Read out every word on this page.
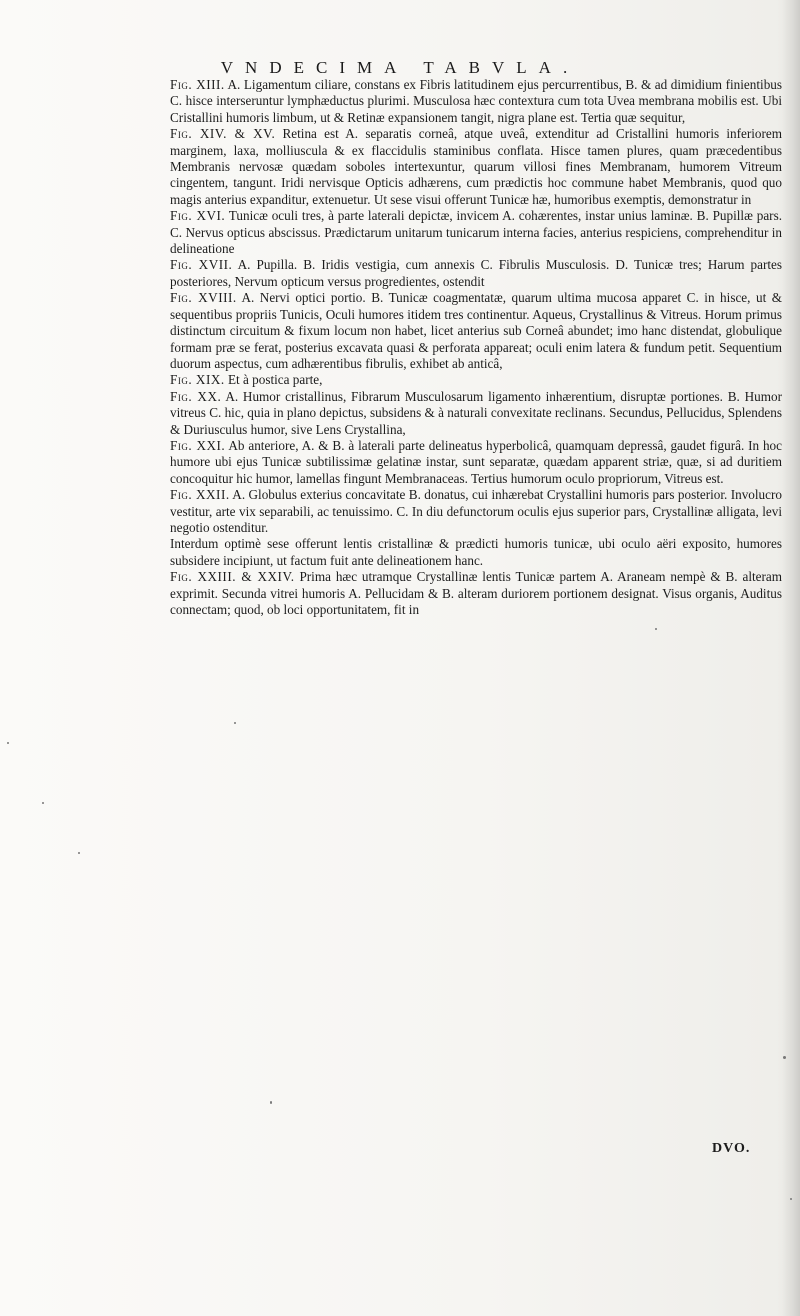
VNDECIMA TABVLA.

Fig. XIII. A. Ligamentum ciliare, constans ex Fibris latitudinem ejus percurrentibus, B. & ad dimidium finientibus C. hisce interseruntur lymphæductus plurimi. Musculosa hæc contextura cum tota Uvea membrana mobilis est. Ubi Cristallini humoris limbum, ut & Retinæ expansionem tangit, nigra plane est. Tertia quæ sequitur,

Fig. XIV. & XV. Retina est A. separatis corneâ, atque uveâ, extenditur ad Cristallini humoris inferiorem marginem, laxa, molliuscula & ex flaccidulis staminibus conflata. Hisce tamen plures, quam præcedentibus Membranis nervosæ quædam soboles intertexuntur, quarum villosi fines Membranam, humorem Vitreum cingentem, tangunt. Iridi nervisque Opticis adhærens, cum prædictis hoc commune habet Membranis, quod quo magis anterius expanditur, extenuetur. Ut sese visui offerunt Tunicæ hæ, humoribus exemptis, demonstratur in

Fig. XVI. Tunicæ oculi tres, à parte laterali depictæ, invicem A. cohærentes, instar unius laminæ. B. Pupillæ pars. C. Nervus opticus abscissus. Prædictarum unitarum tunicarum interna facies, anterius respiciens, comprehenditur in delineatione

Fig. XVII. A. Pupilla. B. Iridis vestigia, cum annexis C. Fibrulis Musculosis. D. Tunicæ tres; Harum partes posteriores, Nervum opticum versus progredientes, ostendit

Fig. XVIII. A. Nervi optici portio. B. Tunicæ coagmentatæ, quarum ultima mucosa apparet C. in hisce, ut & sequentibus propriis Tunicis, Oculi humores itidem tres continentur. Aqueus, Crystallinus & Vitreus. Horum primus distinctum circuitum & fixum locum non habet, licet anterius sub Corneâ abundet; imo hanc distendat, globulique formam præ se ferat, posterius excavata quasi & perforata appareat; oculi enim latera & fundum petit. Sequentium duorum aspectus, cum adhærentibus fibrulis, exhibet ab anticâ,

Fig. XIX. Et à postica parte,

Fig. XX. A. Humor cristallinus, Fibrarum Musculosarum ligamento inhærentium, disruptæ portiones. B. Humor vitreus C. hic, quia in plano depictus, subsidens & à naturali convexitate reclinans. Secundus, Pellucidus, Splendens & Duriusculus humor, sive Lens Crystallina,

Fig. XXI. Ab anteriore, A. & B. à laterali parte delineatus hyperbolicâ, quamquam depressâ, gaudet figurâ. In hoc humore ubi ejus Tunicæ subtilissimæ gelatinæ instar, sunt separatæ, quædam apparent striæ, quæ, si ad duritiem concoquitur hic humor, lamellas fingunt Membranaceas. Tertius humorum oculo propriorum, Vitreus est.

Fig. XXII. A. Globulus exterius concavitate B. donatus, cui inhærebat Crystallini humoris pars posterior. Involucro vestitur, arte vix separabili, ac tenuissimo. C. In diu defunctorum oculis ejus superior pars, Crystallinæ alligata, levi negotio ostenditur.

Interdum optimè sese offerunt lentis cristallinæ & prædicti humoris tunicæ, ubi oculo aëri exposito, humores subsidere incipiunt, ut factum fuit ante delineationem hanc.

Fig. XXIII. & XXIV. Prima hæc utramque Crystallinæ lentis Tunicæ partem A. Araneam nempè & B. alteram exprimit. Secunda vitrei humoris A. Pellucidam & B. alteram duriorem portionem designat. Visus organis, Auditus connectam; quod, ob loci opportunitatem, fit in

DVO.
